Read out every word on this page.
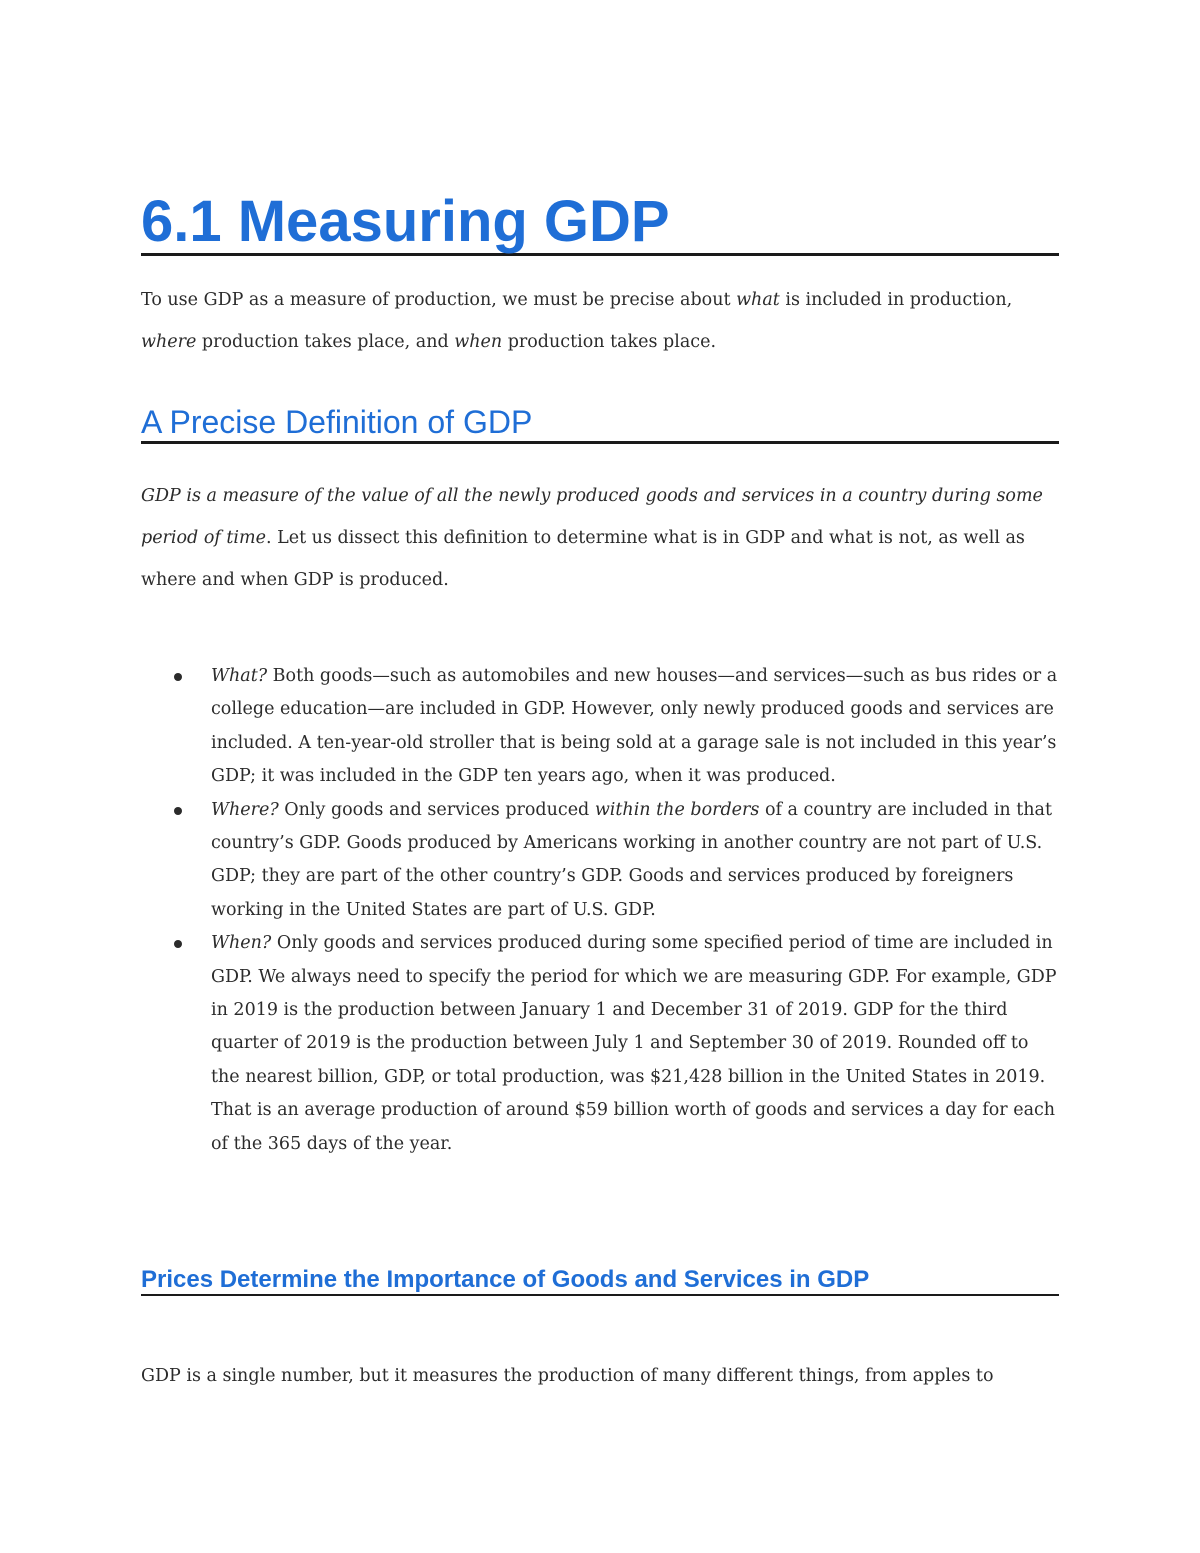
6.1 Measuring GDP

To use GDP as a measure of production, we must be precise about what is included in production, where production takes place, and when production takes place.

A Precise Definition of GDP

GDP is a measure of the value of all the newly produced goods and services in a country during some period of time. Let us dissect this definition to determine what is in GDP and what is not, as well as where and when GDP is produced.

What? Both goods—such as automobiles and new houses—and services—such as bus rides or a college education—are included in GDP. However, only newly produced goods and services are included. A ten-year-old stroller that is being sold at a garage sale is not included in this year’s GDP; it was included in the GDP ten years ago, when it was produced.
Where? Only goods and services produced within the borders of a country are included in that country’s GDP. Goods produced by Americans working in another country are not part of U.S. GDP; they are part of the other country’s GDP. Goods and services produced by foreigners working in the United States are part of U.S. GDP.
When? Only goods and services produced during some specified period of time are included in GDP. We always need to specify the period for which we are measuring GDP. For example, GDP in 2019 is the production between January 1 and December 31 of 2019. GDP for the third quarter of 2019 is the production between July 1 and September 30 of 2019. Rounded off to the nearest billion, GDP, or total production, was $21,428 billion in the United States in 2019. That is an average production of around $59 billion worth of goods and services a day for each of the 365 days of the year.
Prices Determine the Importance of Goods and Services in GDP

GDP is a single number, but it measures the production of many different things, from apples to
